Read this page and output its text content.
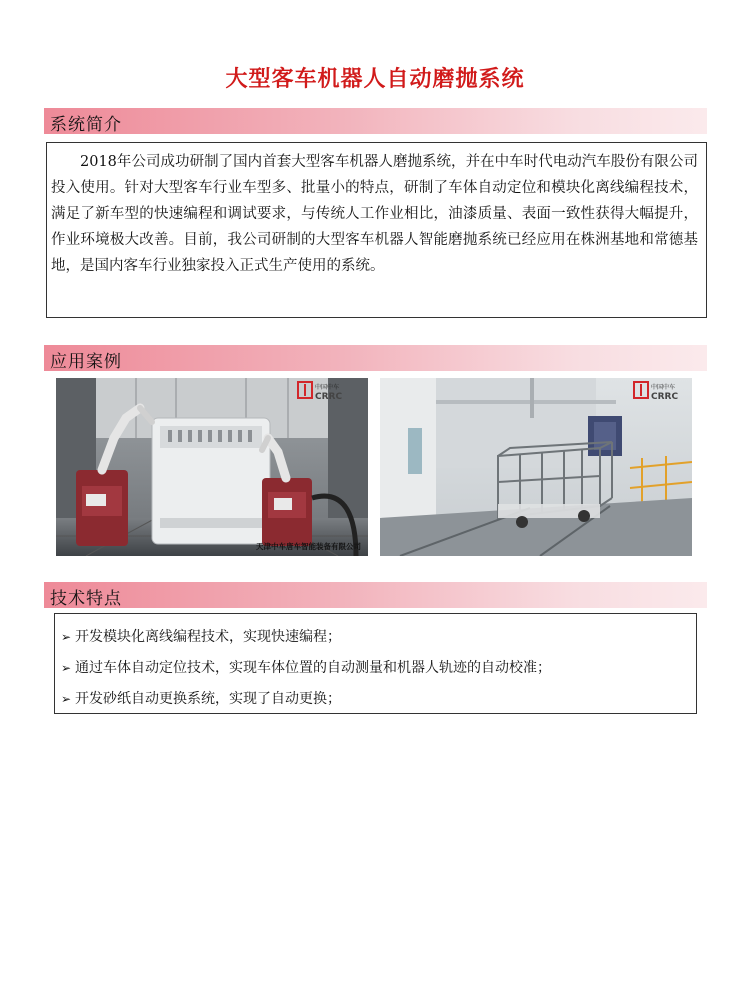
大型客车机器人自动磨抛系统
系统简介

2018年公司成功研制了国内首套大型客车机器人磨抛系统，并在中车时代电动汽车股份有限公司投入使用。针对大型客车行业车型多、批量小的特点，研制了车体自动定位和模块化离线编程技术，满足了新车型的快速编程和调试要求，与传统人工作业相比，油漆质量、表面一致性获得大幅提升，作业环境极大改善。目前，我公司研制的大型客车机器人智能磨抛系统已经应用在株洲基地和常德基地，是国内客车行业独家投入正式生产使用的系统。

应用案例
中国中车
CRRC
天津中车唐车智能装备有限公司
中国中车
CRRC
技术特点
➢ 开发模块化离线编程技术，实现快速编程；
➢ 通过车体自动定位技术，实现车体位置的自动测量和机器人轨迹的自动校准；
➢ 开发砂纸自动更换系统，实现了自动更换；
